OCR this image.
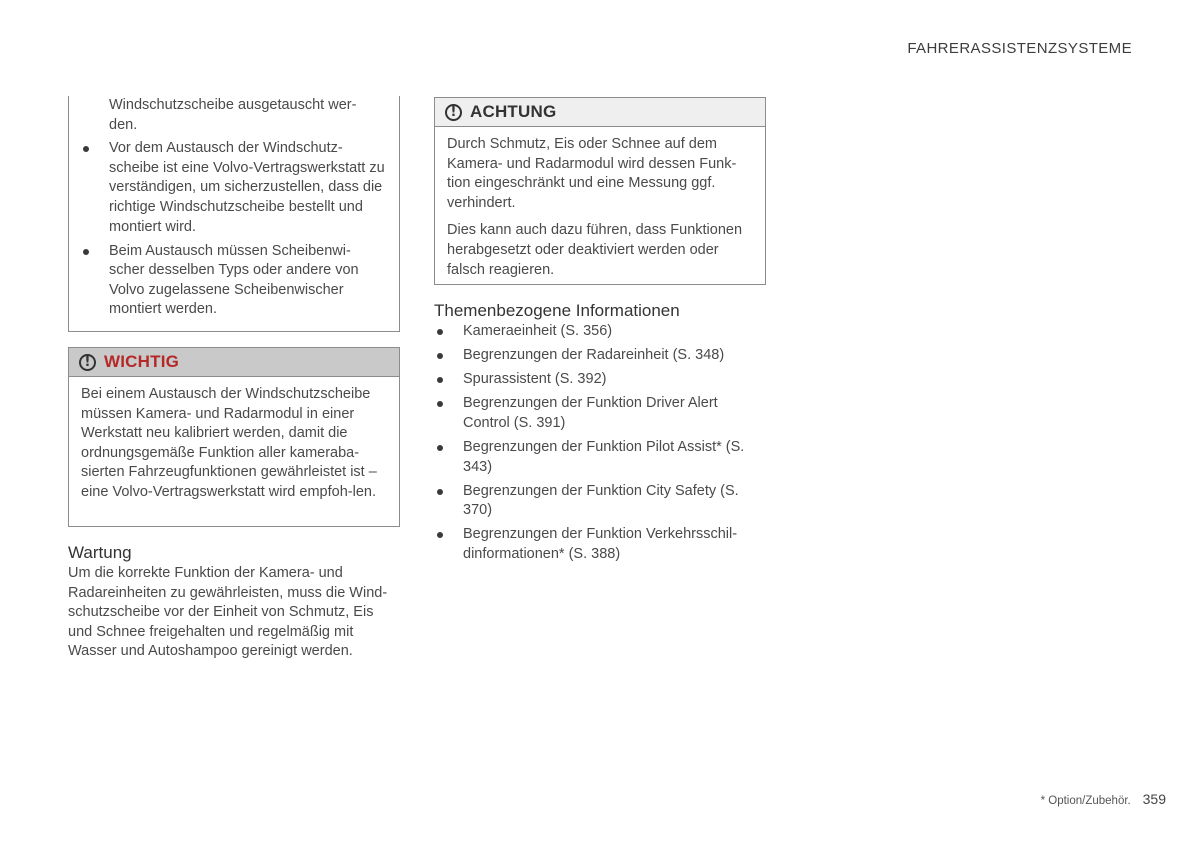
FAHRERASSISTENZSYSTEME

Windschutzscheibe ausgetauscht wer-den.

Vor dem Austausch der Windschutz-scheibe ist eine Volvo-Vertragswerkstatt zu verständigen, um sicherzustellen, dass die richtige Windschutzscheibe bestellt und montiert wird.
Beim Austausch müssen Scheibenwi-scher desselben Typs oder andere von Volvo zugelassene Scheibenwischer montiert werden.
! WICHTIG

Bei einem Austausch der Windschutzscheibe müssen Kamera- und Radarmodul in einer Werkstatt neu kalibriert werden, damit die ordnungsgemäße Funktion aller kameraba-sierten Fahrzeugfunktionen gewährleistet ist – eine Volvo-Vertragswerkstatt wird empfoh-len.

Wartung

Um die korrekte Funktion der Kamera- und Radareinheiten zu gewährleisten, muss die Wind-schutzscheibe vor der Einheit von Schmutz, Eis und Schnee freigehalten und regelmäßig mit Wasser und Autoshampoo gereinigt werden.

! ACHTUNG

Durch Schmutz, Eis oder Schnee auf dem Kamera- und Radarmodul wird dessen Funk-tion eingeschränkt und eine Messung ggf. verhindert.

Dies kann auch dazu führen, dass Funktionen herabgesetzt oder deaktiviert werden oder falsch reagieren.

Themenbezogene Informationen
Kameraeinheit (S. 356)
Begrenzungen der Radareinheit (S. 348)
Spurassistent (S. 392)
Begrenzungen der Funktion Driver Alert Control (S. 391)
Begrenzungen der Funktion Pilot Assist* (S. 343)
Begrenzungen der Funktion City Safety (S. 370)
Begrenzungen der Funktion Verkehrsschil-dinformationen* (S. 388)
* Option/Zubehör. 359
